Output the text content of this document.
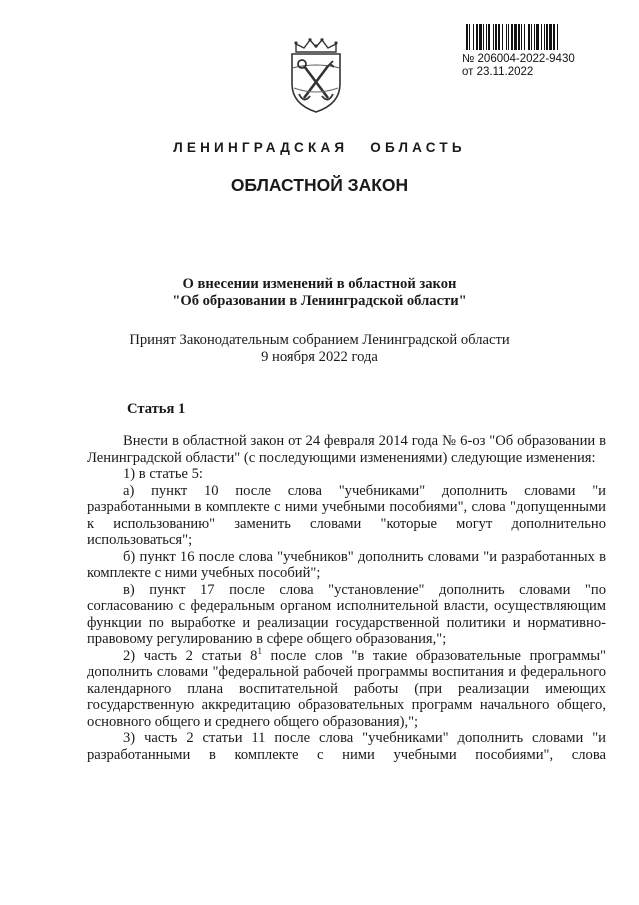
№ 206004-2022-9430
от 23.11.2022
ЛЕНИНГРАДСКАЯ ОБЛАСТЬ
ОБЛАСТНОЙ ЗАКОН
О внесении изменений в областной закон
"Об образовании в Ленинградской области"
Принят Законодательным собранием Ленинградской области
9 ноября 2022 года
Статья 1

Внести в областной закон от 24 февраля 2014 года № 6-оз "Об образовании в Ленинградской области" (с последующими изменениями) следующие изменения:

1) в статье 5:

а) пункт 10 после слова "учебниками" дополнить словами "и разработанными в комплекте с ними учебными пособиями", слова "допущенными к использованию" заменить словами "которые могут дополнительно использоваться";

б) пункт 16 после слова "учебников" дополнить словами "и разработанных в комплекте с ними учебных пособий";

в) пункт 17 после слова "установление" дополнить словами "по согласованию с федеральным органом исполнительной власти, осуществляющим функции по выработке и реализации государственной политики и нормативно-правовому регулированию в сфере общего образования,";

2) часть 2 статьи $8^1$ после слов "в такие образовательные программы" дополнить словами "федеральной рабочей программы воспитания и федерального календарного плана воспитательной работы (при реализации имеющих государственную аккредитацию образовательных программ начального общего, основного общего и среднего общего образования),";

3) часть 2 статьи 11 после слова "учебниками" дополнить словами "и разработанными в комплекте с ними учебными пособиями", слова
